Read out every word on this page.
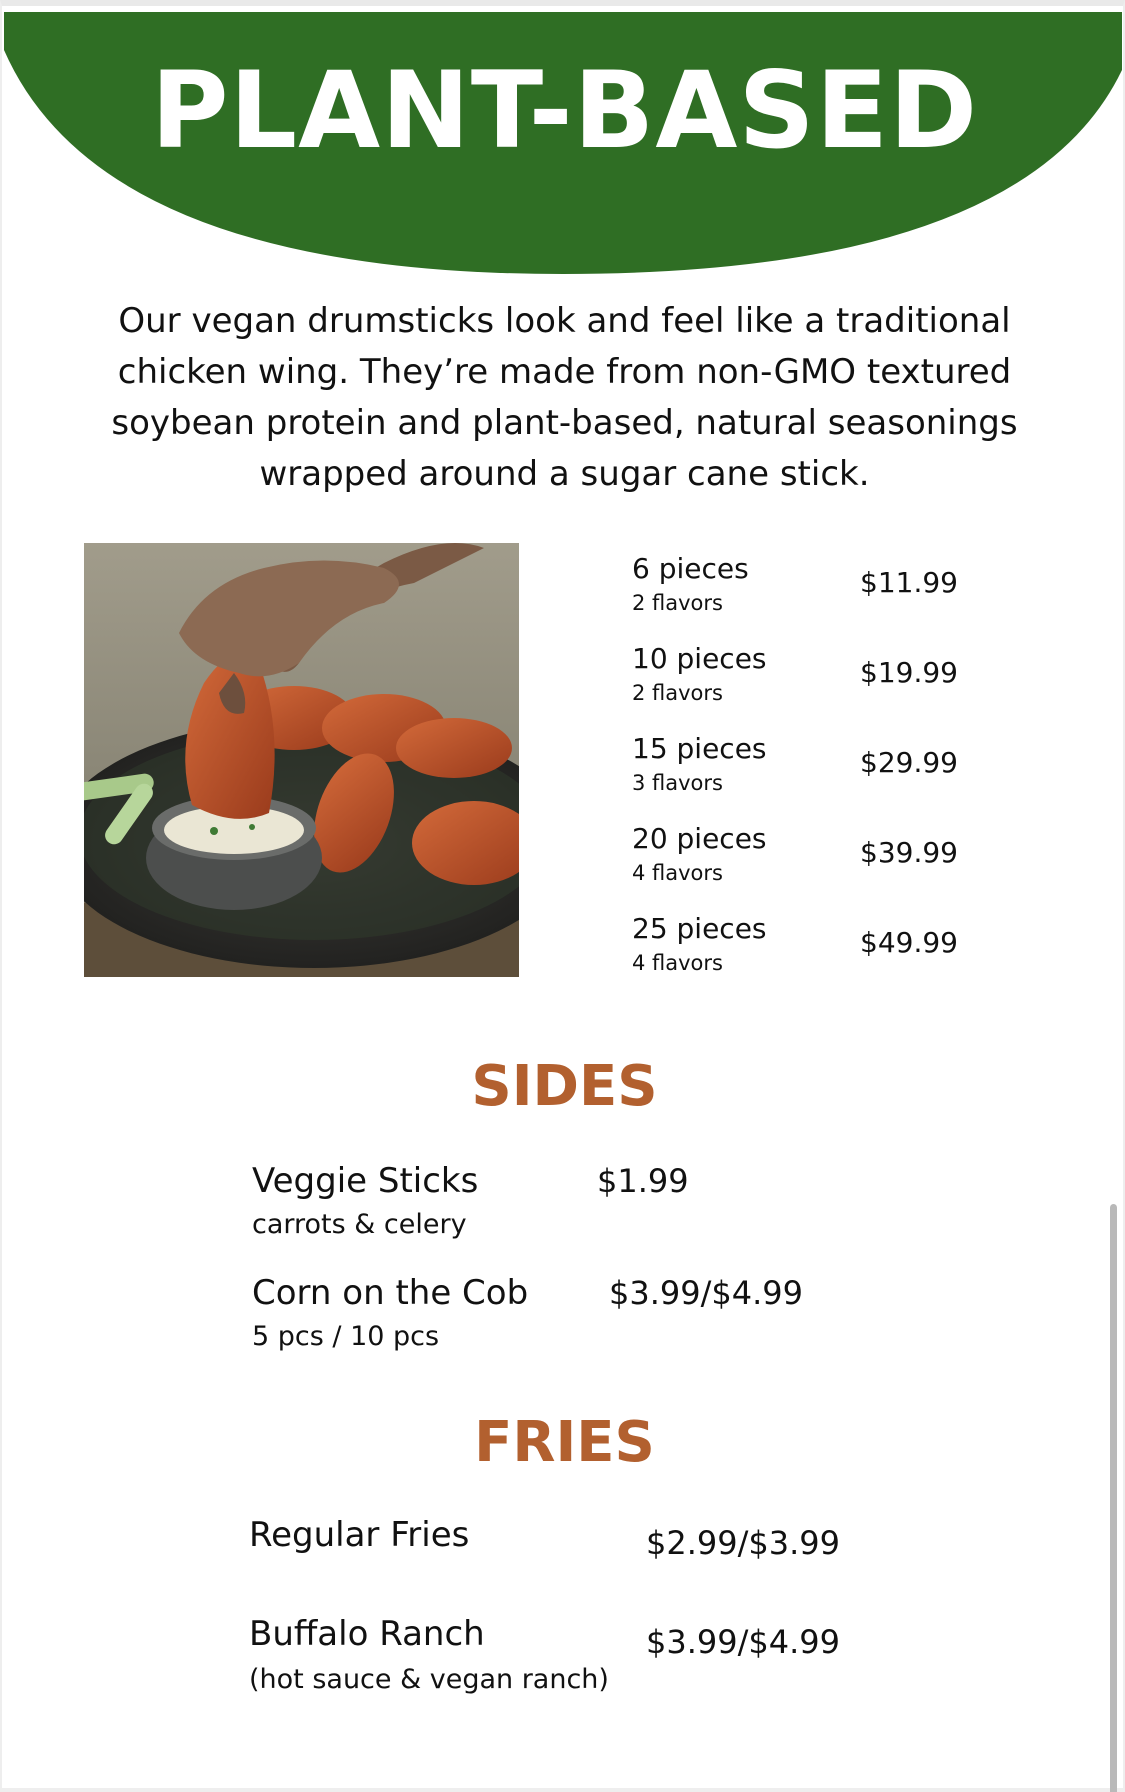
PLANT-BASED
Our vegan drumsticks look and feel like a traditional
chicken wing. They’re made from non-GMO textured
soybean protein and plant-based, natural seasonings
wrapped around a sugar cane stick.
6 pieces
2 flavors
$11.99
10 pieces
2 flavors
$19.99
15 pieces
3 flavors
$29.99
20 pieces
4 flavors
$39.99
25 pieces
4 flavors
$49.99
SIDES
Veggie Sticks
carrots & celery
$1.99
Corn on the Cob
5 pcs / 10 pcs
$3.99/$4.99
FRIES
Regular Fries	$2.99/$3.99
Buffalo Ranch
(hot sauce & vegan ranch)
$3.99/$4.99
